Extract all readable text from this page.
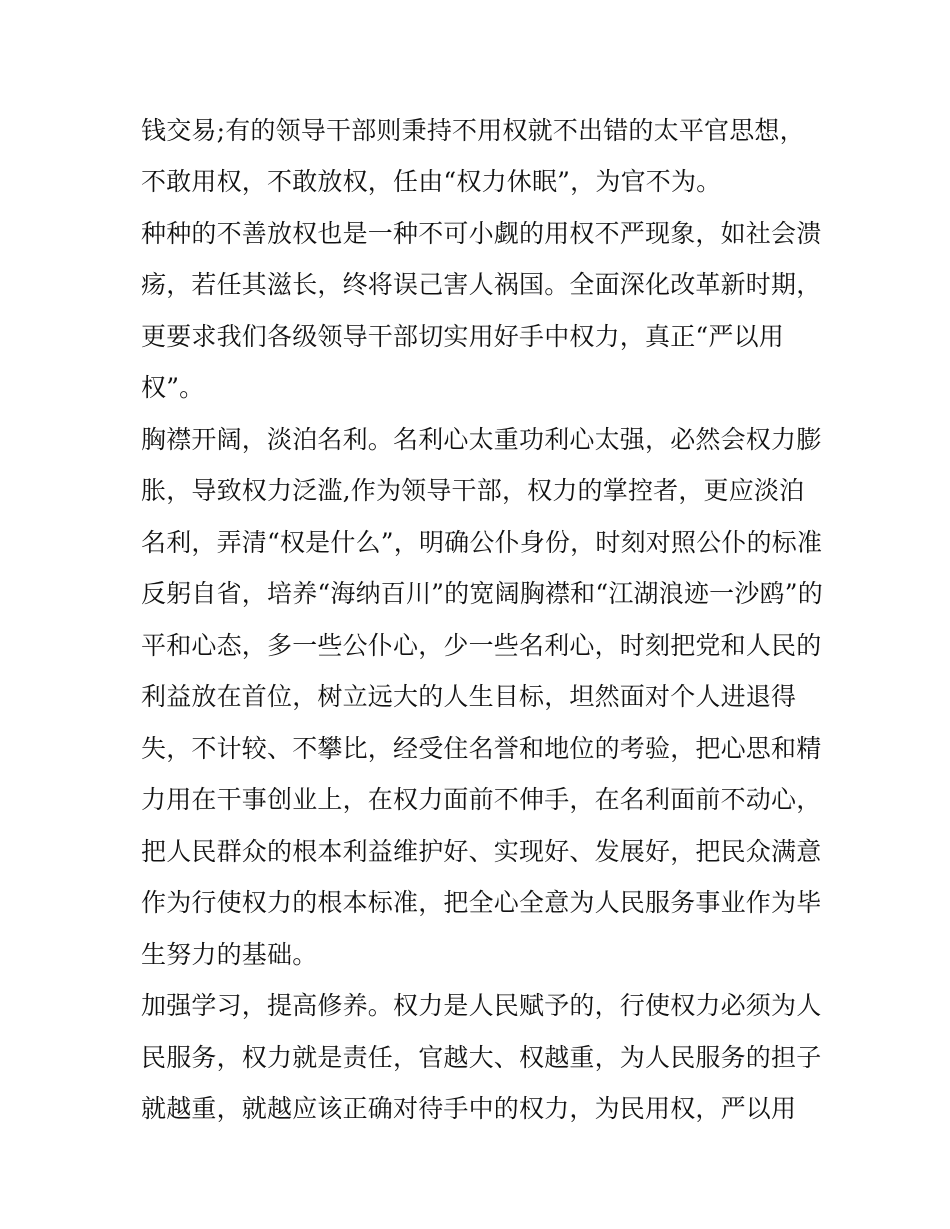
钱交易;有的领导干部则秉持不用权就不出错的太平官思想，
不敢用权，不敢放权，任由“权力休眠”，为官不为。
种种的不善放权也是一种不可小觑的用权不严现象，如社会溃
疡，若任其滋长，终将误己害人祸国。全面深化改革新时期，
更要求我们各级领导干部切实用好手中权力，真正“严以用
权”。
胸襟开阔，淡泊名利。名利心太重功利心太强，必然会权力膨
胀，导致权力泛滥,作为领导干部，权力的掌控者，更应淡泊
名利，弄清“权是什么”，明确公仆身份，时刻对照公仆的标准
反躬自省，培养“海纳百川”的宽阔胸襟和“江湖浪迹一沙鸥”的
平和心态，多一些公仆心，少一些名利心，时刻把党和人民的
利益放在首位，树立远大的人生目标，坦然面对个人进退得
失，不计较、不攀比，经受住名誉和地位的考验，把心思和精
力用在干事创业上，在权力面前不伸手，在名利面前不动心，
把人民群众的根本利益维护好、实现好、发展好，把民众满意
作为行使权力的根本标准，把全心全意为人民服务事业作为毕
生努力的基础。
加强学习，提高修养。权力是人民赋予的，行使权力必须为人
民服务，权力就是责任，官越大、权越重，为人民服务的担子
就越重，就越应该正确对待手中的权力，为民用权，严以用
